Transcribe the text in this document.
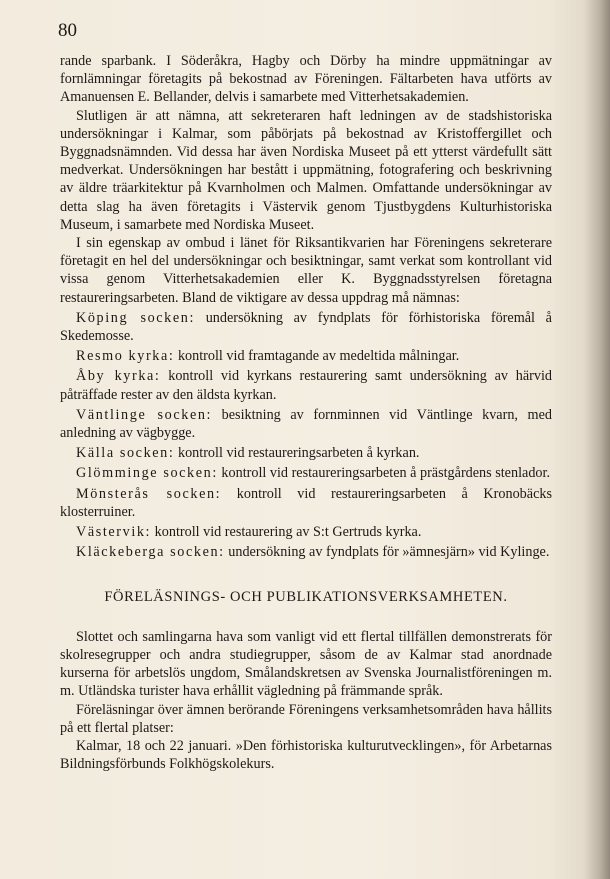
80

rande sparbank. I Söderåkra, Hagby och Dörby ha mindre uppmätningar av fornlämningar företagits på bekostnad av Föreningen. Fältarbeten hava utförts av Amanuensen E. Bellander, delvis i samarbete med Vitterhetsakademien.

Slutligen är att nämna, att sekreteraren haft ledningen av de stadshistoriska undersökningar i Kalmar, som påbörjats på bekostnad av Kristoffergillet och Byggnadsnämnden. Vid dessa har även Nordiska Museet på ett ytterst värdefullt sätt medverkat. Undersökningen har bestått i uppmätning, fotografering och beskrivning av äldre träarkitektur på Kvarnholmen och Malmen. Omfattande undersökningar av detta slag ha även företagits i Västervik genom Tjustbygdens Kulturhistoriska Museum, i samarbete med Nordiska Museet.

I sin egenskap av ombud i länet för Riksantikvarien har Föreningens sekreterare företagit en hel del undersökningar och besiktningar, samt verkat som kontrollant vid vissa genom Vitterhetsakademien eller K. Byggnadsstyrelsen företagna restaureringsarbeten. Bland de viktigare av dessa uppdrag må nämnas:

Köping socken: undersökning av fyndplats för förhistoriska föremål å Skedemosse.

Resmo kyrka: kontroll vid framtagande av medeltida målningar.

Åby kyrka: kontroll vid kyrkans restaurering samt undersökning av härvid påträffade rester av den äldsta kyrkan.

Väntlinge socken: besiktning av fornminnen vid Väntlinge kvarn, med anledning av vägbygge.

Källa socken: kontroll vid restaureringsarbeten å kyrkan.

Glömminge socken: kontroll vid restaureringsarbeten å prästgårdens stenlador.

Mönsterås socken: kontroll vid restaureringsarbeten å Kronobäcks klosterruiner.

Västervik: kontroll vid restaurering av S:t Gertruds kyrka.

Kläckeberga socken: undersökning av fyndplats för »ämnesjärn» vid Kylinge.

FÖRELÄSNINGS- OCH PUBLIKATIONSVERKSAMHETEN.

Slottet och samlingarna hava som vanligt vid ett flertal tillfällen demonstrerats för skolresegrupper och andra studiegrupper, såsom de av Kalmar stad anordnade kurserna för arbetslös ungdom, Smålandskretsen av Svenska Journalistföreningen m. m. Utländska turister hava erhållit vägledning på främmande språk.

Föreläsningar över ämnen berörande Föreningens verksamhetsområden hava hållits på ett flertal platser:

Kalmar, 18 och 22 januari. »Den förhistoriska kulturutvecklingen», för Arbetarnas Bildningsförbunds Folkhögskolekurs.
